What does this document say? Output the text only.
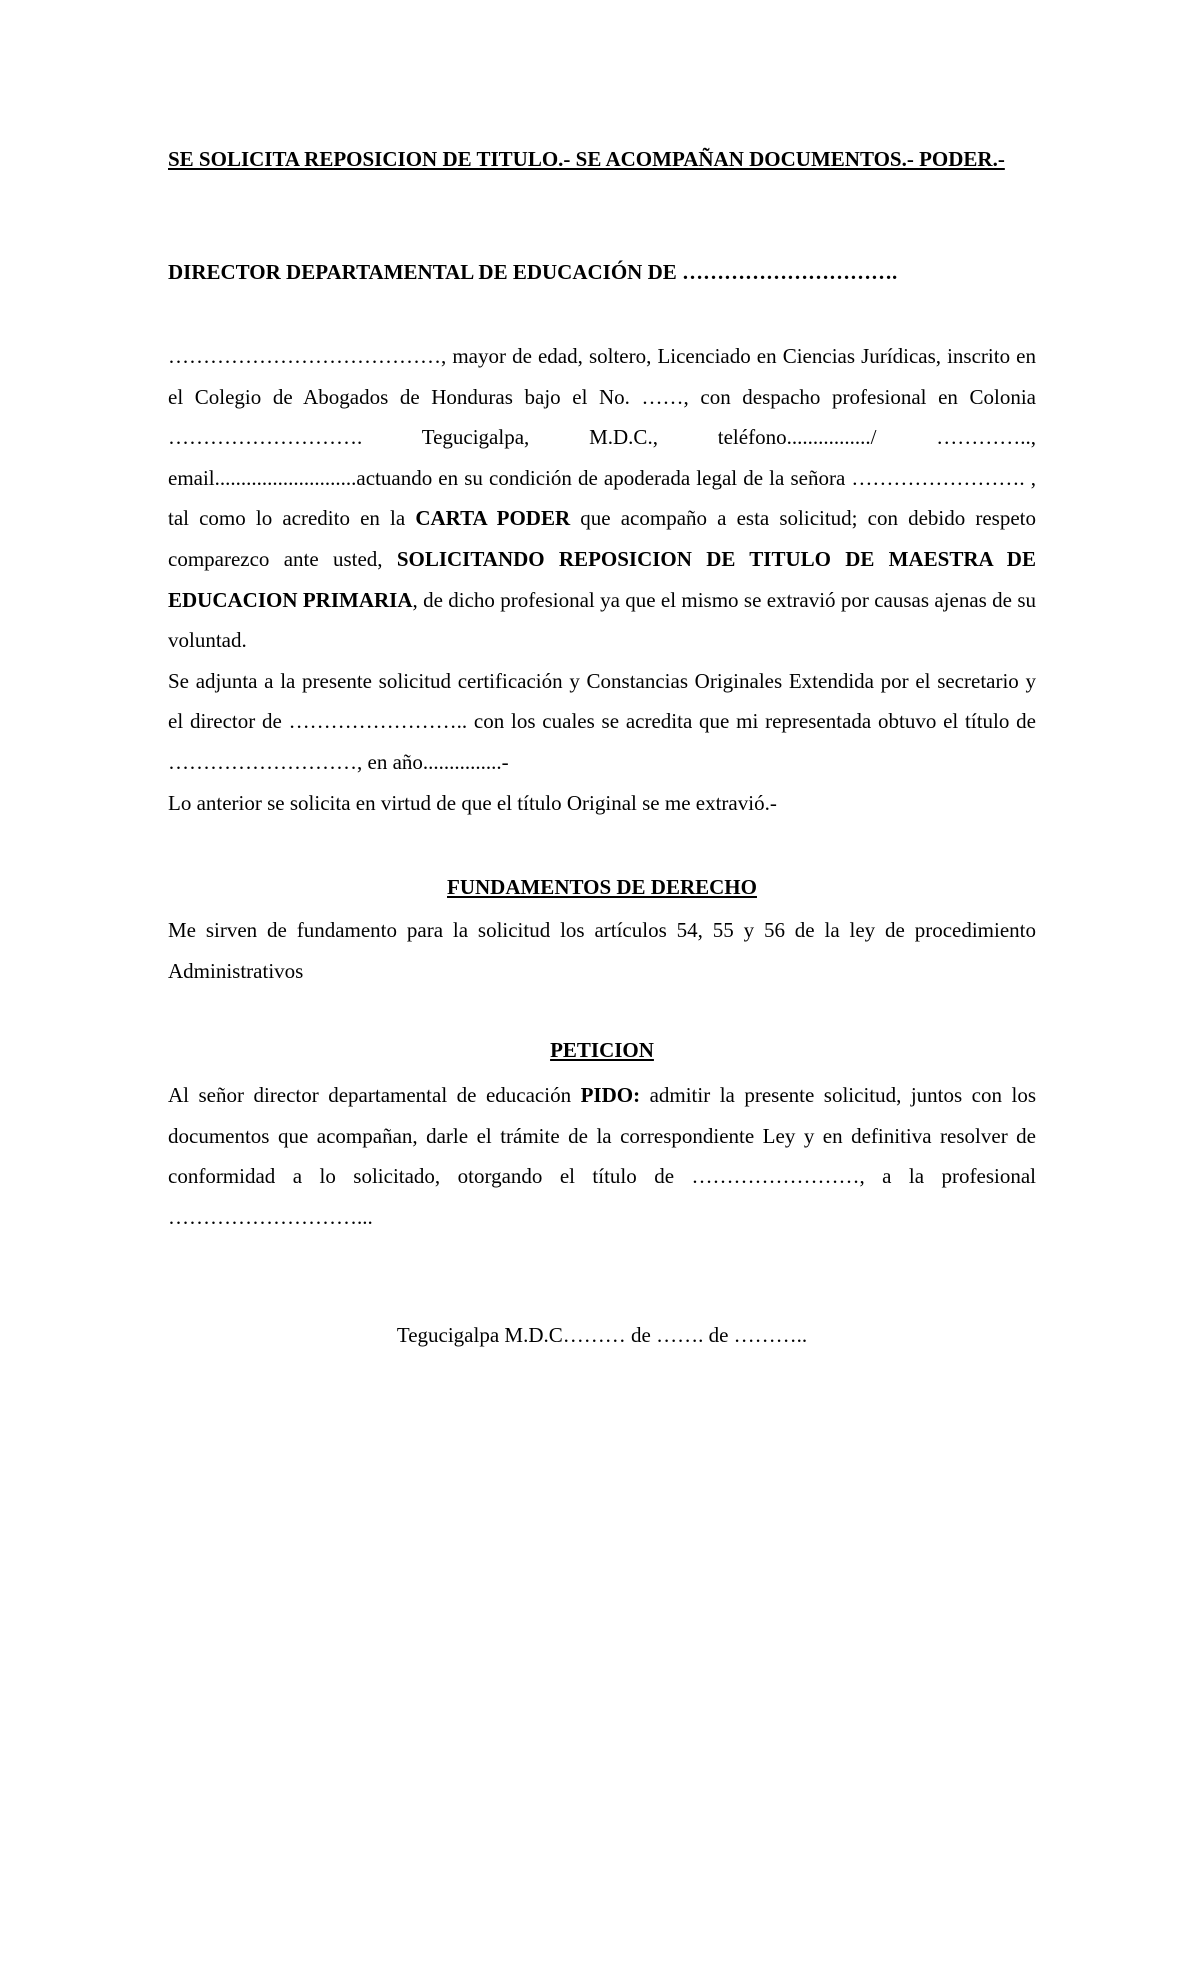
SE SOLICITA REPOSICION DE TITULO.- SE ACOMPAÑAN DOCUMENTOS.- PODER.-

DIRECTOR DEPARTAMENTAL DE EDUCACIÓN DE ………………………….

…………………………………, mayor de edad, soltero, Licenciado en Ciencias Jurídicas, inscrito en el Colegio de Abogados de Honduras bajo el No. ……, con despacho profesional en Colonia ………………………. Tegucigalpa, M.D.C., teléfono................/ ………….., email...........................actuando en su condición de apoderada legal de la señora ……………………. , tal como lo acredito en la CARTA PODER que acompaño a esta solicitud; con debido respeto comparezco ante usted, SOLICITANDO REPOSICION DE TITULO DE MAESTRA DE EDUCACION PRIMARIA, de dicho profesional ya que el mismo se extravió por causas ajenas de su voluntad.

Se adjunta a la presente solicitud certificación y Constancias Originales Extendida por el secretario y el director de …………………….. con los cuales se acredita que mi representada obtuvo el título de ………………………, en año...............-

Lo anterior se solicita en virtud de que el título Original se me extravió.-

FUNDAMENTOS DE DERECHO

Me sirven de fundamento para la solicitud los artículos 54, 55 y 56 de la ley de procedimiento Administrativos

PETICION

Al señor director departamental de educación PIDO: admitir la presente solicitud, juntos con los documentos que acompañan, darle el trámite de la correspondiente Ley y en definitiva resolver de conformidad a lo solicitado, otorgando el título de ……………………, a la profesional ………………………...

Tegucigalpa M.D.C……… de ……. de ………..
